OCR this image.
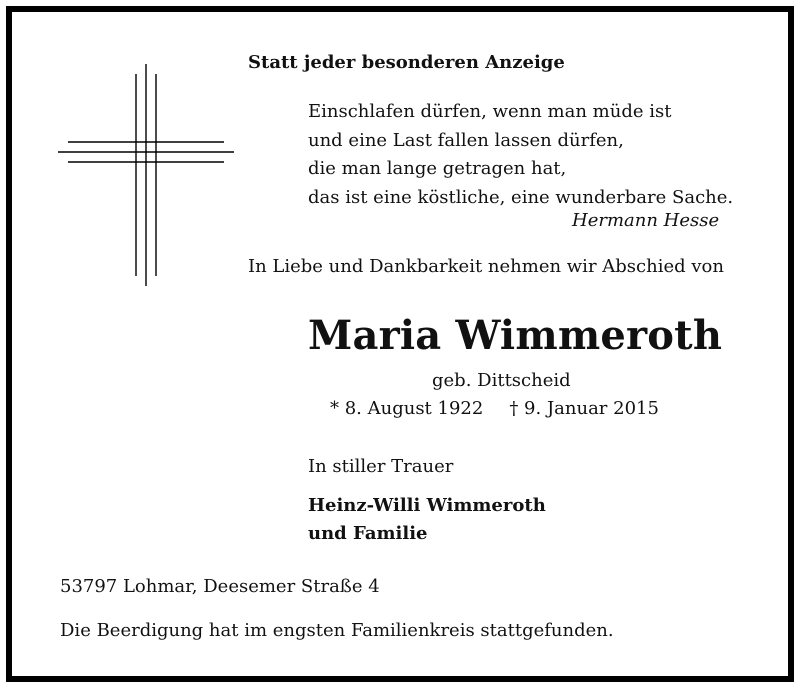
Statt jeder besonderen Anzeige
Einschlafen dürfen, wenn man müde ist
und eine Last fallen lassen dürfen,
die man lange getragen hat,
das ist eine köstliche, eine wunderbare Sache.
Hermann Hesse
In Liebe und Dankbarkeit nehmen wir Abschied von
Maria Wimmeroth
geb. Dittscheid
* 8. August 1922 † 9. Januar 2015
In stiller Trauer
Heinz-Willi Wimmeroth
und Familie
53797 Lohmar, Deesemer Straße 4
Die Beerdigung hat im engsten Familienkreis stattgefunden.
